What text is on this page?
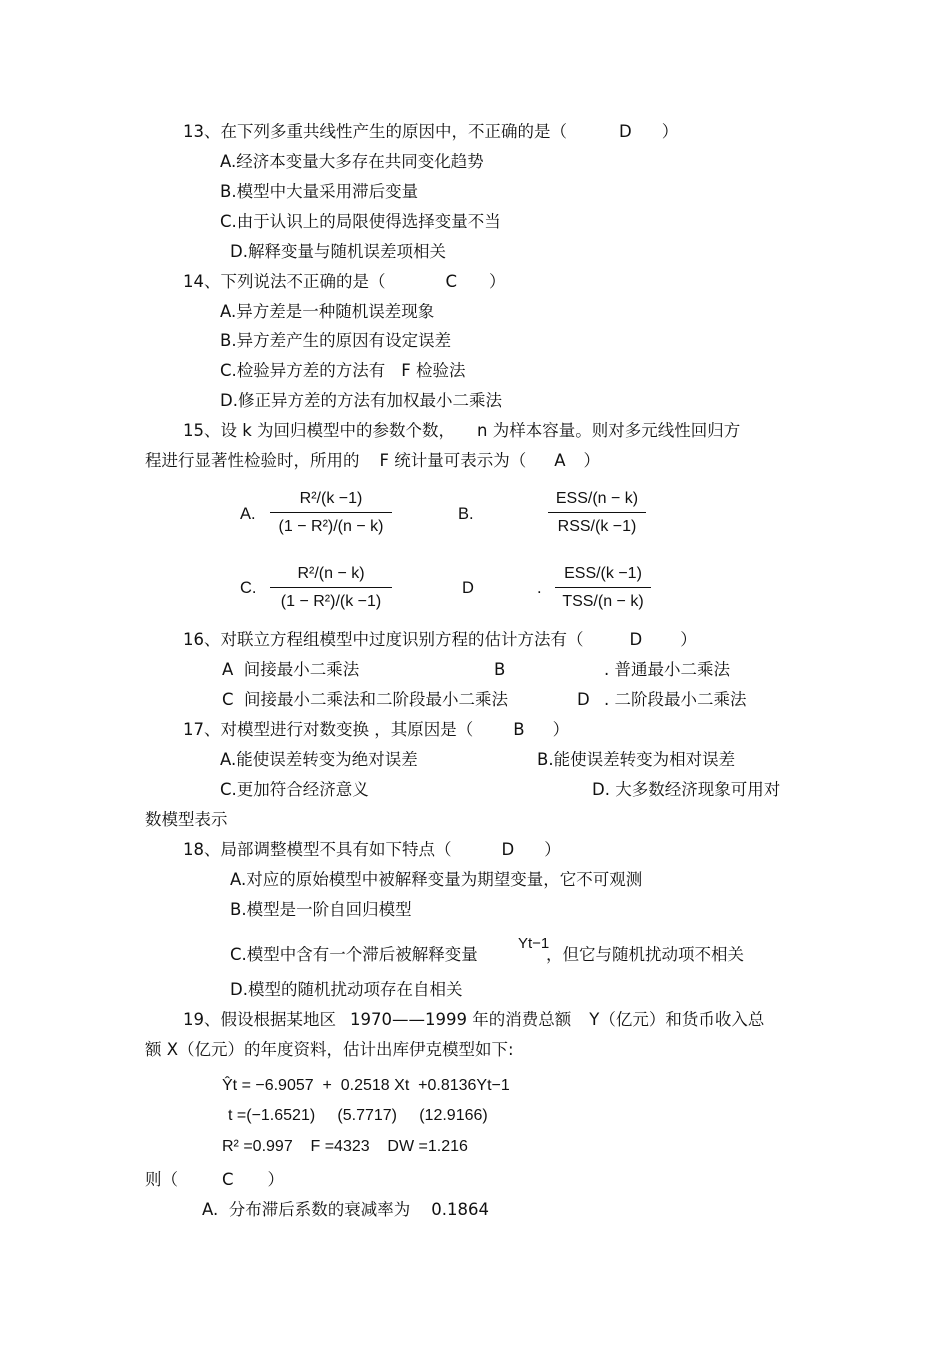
13、在下列多重共线性产生的原因中，不正确的是（	D ）
A.经济本变量大多存在共同变化趋势
B.模型中大量采用滞后变量
C.由于认识上的局限使得选择变量不当
D.解释变量与随机误差项相关
14、下列说法不正确的是（	C ）
A.异方差是一种随机误差现象
B.异方差产生的原因有设定误差
C.检验异方差的方法有 F 检验法
D.修正异方差的方法有加权最小二乘法
15、设 k 为回归模型中的参数个数， n 为样本容量。则对多元线性回归方
程进行显著性检验时，所用的 F 统计量可表示为（ A ）
A.
R²/(k −1)
(1 − R²)/(n − k)
B.
ESS/(n − k)
RSS/(k −1)
C.
R²/(n − k)
(1 − R²)/(k −1)
D	.
ESS/(k −1)
TSS/(n − k)
16、对联立方程组模型中过度识别方程的估计方法有（	D ）
A  间接最小二乘法	B	. 普通最小二乘法
C  间接最小二乘法和二阶段最小二乘法	D . 二阶段最小二乘法
17、对模型进行对数变换 ，其原因是（ B ）
A.能使误差转变为绝对误差	B.能使误差转变为相对误差
C.更加符合经济意义	D. 大多数经济现象可用对
数模型表示
18、局部调整模型不具有如下特点（	D ）
A.对应的原始模型中被解释变量为期望变量，它不可观测
B.模型是一阶自回归模型
C.模型中含有一个滞后被解释变量
Yt−1
，但它与随机扰动项不相关
D.模型的随机扰动项存在自相关
19、假设根据某地区 1970——1999 年的消费总额 Y（亿元）和货币收入总
额 X（亿元）的年度资料，估计出库伊克模型如下:
Ŷt = −6.9057  +  0.2518 Xt  +0.8136Yt−1
t =(−1.6521)     (5.7717)     (12.9166)
R² =0.997    F =4323    DW =1.216
则（	C ）
A.  分布滞后系数的衰减率为    0.1864
